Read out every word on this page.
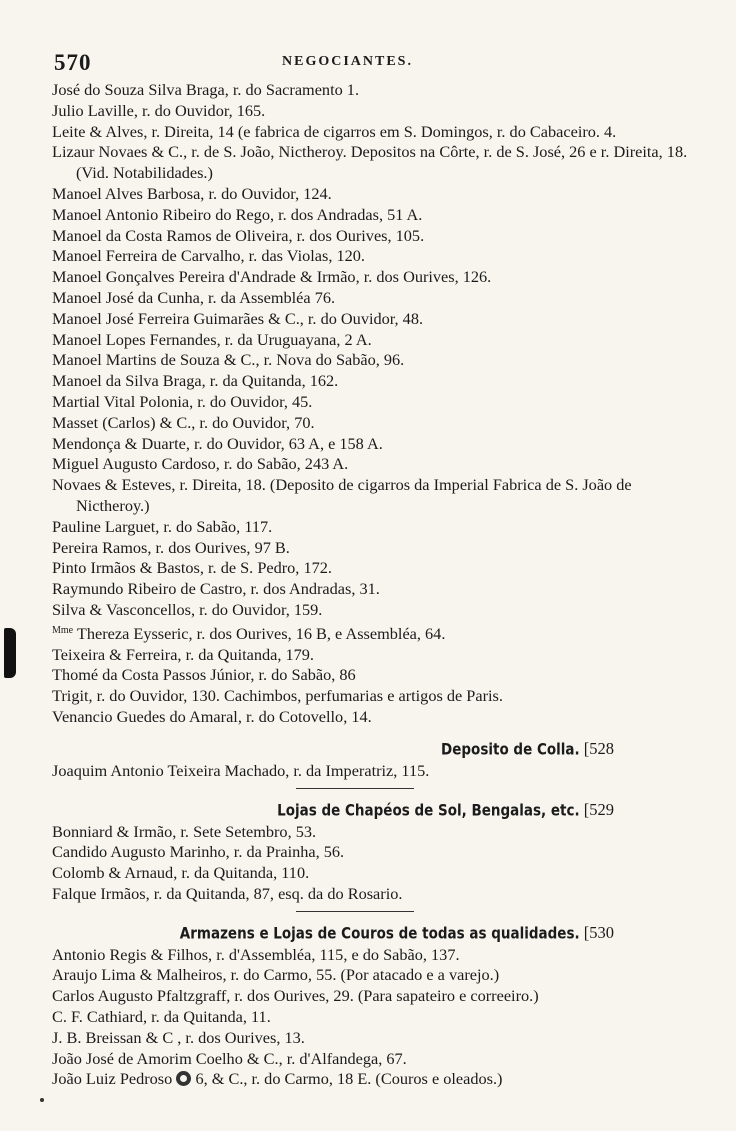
570	NEGOCIANTES.

José do Souza Silva Braga, r. do Sacramento 1.

Julio Laville, r. do Ouvidor, 165.

Leite & Alves, r. Direita, 14 (e fabrica de cigarros em S. Domingos, r. do Cabaceiro. 4.

Lizaur Novaes & C., r. de S. João, Nictheroy. Depositos na Côrte, r. de S. José, 26 e r. Direita, 18. (Vid. Notabilidades.)

Manoel Alves Barbosa, r. do Ouvidor, 124.

Manoel Antonio Ribeiro do Rego, r. dos Andradas, 51 A.

Manoel da Costa Ramos de Oliveira, r. dos Ourives, 105.

Manoel Ferreira de Carvalho, r. das Violas, 120.

Manoel Gonçalves Pereira d'Andrade & Irmão, r. dos Ourives, 126.

Manoel José da Cunha, r. da Assembléa 76.

Manoel José Ferreira Guimarães & C., r. do Ouvidor, 48.

Manoel Lopes Fernandes, r. da Uruguayana, 2 A.

Manoel Martins de Souza & C., r. Nova do Sabão, 96.

Manoel da Silva Braga, r. da Quitanda, 162.

Martial Vital Polonia, r. do Ouvidor, 45.

Masset (Carlos) & C., r. do Ouvidor, 70.

Mendonça & Duarte, r. do Ouvidor, 63 A, e 158 A.

Miguel Augusto Cardoso, r. do Sabão, 243 A.

Novaes & Esteves, r. Direita, 18. (Deposito de cigarros da Imperial Fabrica de S. João de Nictheroy.)

Pauline Larguet, r. do Sabão, 117.

Pereira Ramos, r. dos Ourives, 97 B.

Pinto Irmãos & Bastos, r. de S. Pedro, 172.

Raymundo Ribeiro de Castro, r. dos Andradas, 31.

Silva & Vasconcellos, r. do Ouvidor, 159.

$^{Mme}$ Thereza Eysseric, r. dos Ourives, 16 B, e Assembléa, 64.

Teixeira & Ferreira, r. da Quitanda, 179.

Thomé da Costa Passos Júnior, r. do Sabão, 86

Trigit, r. do Ouvidor, 130. Cachimbos, perfumarias e artigos de Paris.

Venancio Guedes do Amaral, r. do Cotovello, 14.

Deposito de Colla. [528

Joaquim Antonio Teixeira Machado, r. da Imperatriz, 115.

Lojas de Chapéos de Sol, Bengalas, etc. [529

Bonniard & Irmão, r. Sete Setembro, 53.

Candido Augusto Marinho, r. da Prainha, 56.

Colomb & Arnaud, r. da Quitanda, 110.

Falque Irmãos, r. da Quitanda, 87, esq. da do Rosario.

Armazens e Lojas de Couros de todas as qualidades. [530

Antonio Regis & Filhos, r. d'Assembléa, 115, e do Sabão, 137.

Araujo Lima & Malheiros, r. do Carmo, 55. (Por atacado e a varejo.)

Carlos Augusto Pfaltzgraff, r. dos Ourives, 29. (Para sapateiro e correeiro.)

C. F. Cathiard, r. da Quitanda, 11.

J. B. Breissan & C , r. dos Ourives, 13.

João José de Amorim Coelho & C., r. d'Alfandega, 67.

João Luiz Pedroso 6, & C., r. do Carmo, 18 E. (Couros e oleados.)
